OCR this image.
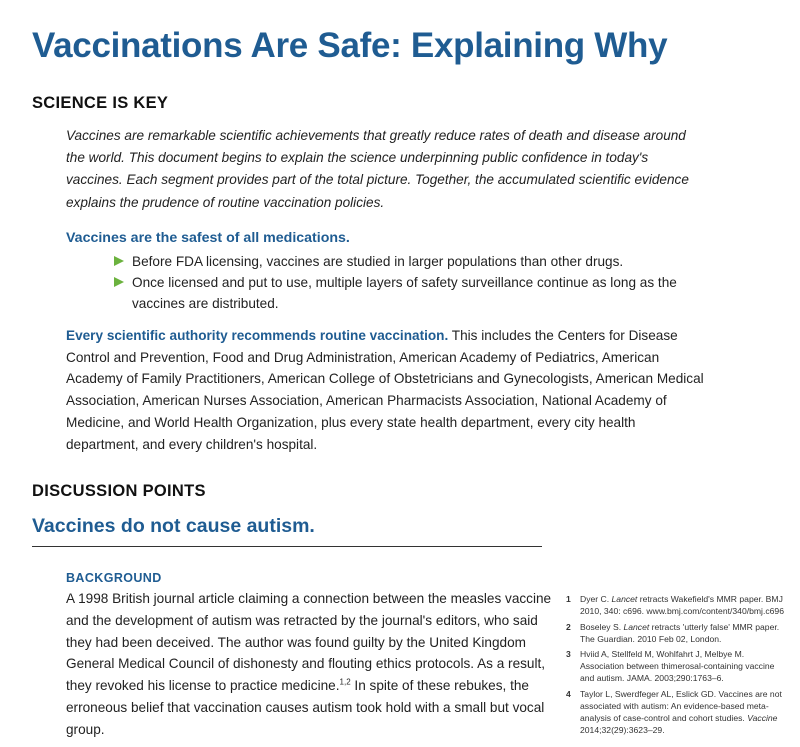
Vaccinations Are Safe: Explaining Why
SCIENCE IS KEY

Vaccines are remarkable scientific achievements that greatly reduce rates of death and disease around the world. This document begins to explain the science underpinning public confidence in today's vaccines. Each segment provides part of the total picture. Together, the accumulated scientific evidence explains the prudence of routine vaccination policies.

Vaccines are the safest of all medications.
Before FDA licensing, vaccines are studied in larger populations than other drugs.
Once licensed and put to use, multiple layers of safety surveillance continue as long as the vaccines are distributed.

Every scientific authority recommends routine vaccination. This includes the Centers for Disease Control and Prevention, Food and Drug Administration, American Academy of Pediatrics, American Academy of Family Practitioners, American College of Obstetricians and Gynecologists, American Medical Association, American Nurses Association, American Pharmacists Association, National Academy of Medicine, and World Health Organization, plus every state health department, every city health department, and every children's hospital.

DISCUSSION POINTS
Vaccines do not cause autism.
BACKGROUND

A 1998 British journal article claiming a connection between the measles vaccine and the development of autism was retracted by the journal's editors, who said they had been deceived. The author was found guilty by the United Kingdom General Medical Council of dishonesty and flouting ethics protocols. As a result, they revoked his license to practice medicine.$^{1,2}$ In spite of these rebukes, the erroneous belief that vaccination causes autism took hold with a small but vocal group.

1 Dyer C. Lancet retracts Wakefield's MMR paper. BMJ 2010, 340: c696. www.bmj.com/content/340/bmj.c696
2 Boseley S. Lancet retracts 'utterly false' MMR paper. The Guardian. 2010 Feb 02, London.
3 Hviid A, Stellfeld M, Wohlfahrt J, Melbye M. Association between thimerosal-containing vaccine and autism. JAMA. 2003;290:1763–6.
4 Taylor L, Swerdfeger AL, Eslick GD. Vaccines are not associated with autism: An evidence-based meta-analysis of case-control and cohort studies. Vaccine 2014;32(29):3623–29.
